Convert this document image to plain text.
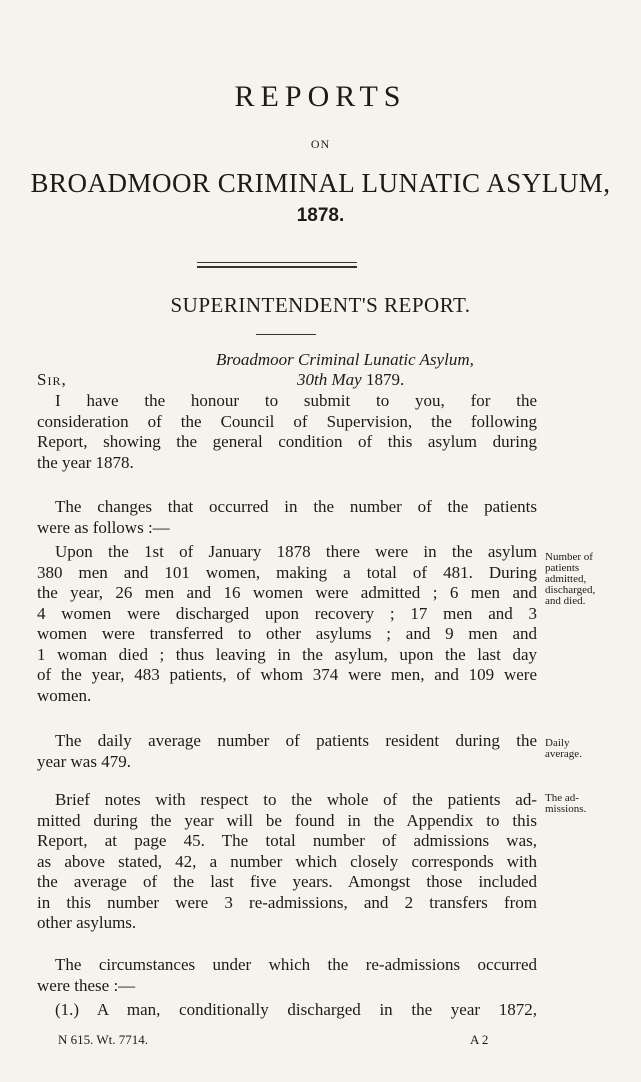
REPORTS
ON
BROADMOOR CRIMINAL LUNATIC ASYLUM,
1878.
SUPERINTENDENT'S REPORT.
Broadmoor Criminal Lunatic Asylum,
Sir,	30th May 1879.
I have the honour to submit to you, for the
consideration of the Council of Supervision, the following
Report, showing the general condition of this asylum during
the year 1878.
The changes that occurred in the number of the patients
were as follows :—
Upon the 1st of January 1878 there were in the asylum
380 men and 101 women, making a total of 481. During
the year, 26 men and 16 women were admitted ; 6 men and
4 women were discharged upon recovery ; 17 men and 3
women were transferred to other asylums ; and 9 men and
1 woman died ; thus leaving in the asylum, upon the last day
of the year, 483 patients, of whom 374 were men, and 109 were
women.
Number of
patients
admitted,
discharged,
and died.
The daily average number of patients resident during the
year was 479.
Daily
average.
Brief notes with respect to the whole of the patients ad-
mitted during the year will be found in the Appendix to this
Report, at page 45. The total number of admissions was,
as above stated, 42, a number which closely corresponds with
the average of the last five years. Amongst those included
in this number were 3 re-admissions, and 2 transfers from
other asylums.
The ad-
missions.
The circumstances under which the re-admissions occurred
were these :—
(1.) A man, conditionally discharged in the year 1872,
N 615. Wt. 7714.	A 2
